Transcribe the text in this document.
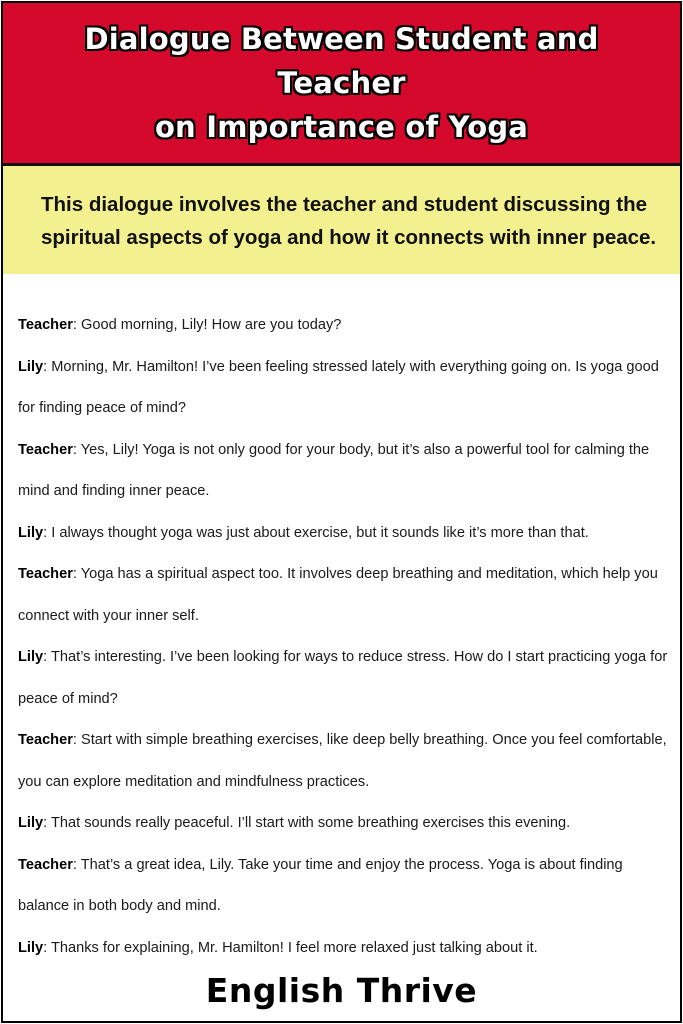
Dialogue Between Student and Teacher
on Importance of Yoga

This dialogue involves the teacher and student discussing the spiritual aspects of yoga and how it connects with inner peace.

Teacher: Good morning, Lily! How are you today?

Lily: Morning, Mr. Hamilton! I’ve been feeling stressed lately with everything going on. Is yoga good for finding peace of mind?

Teacher: Yes, Lily! Yoga is not only good for your body, but it’s also a powerful tool for calming the mind and finding inner peace.

Lily: I always thought yoga was just about exercise, but it sounds like it’s more than that.

Teacher: Yoga has a spiritual aspect too. It involves deep breathing and meditation, which help you connect with your inner self.

Lily: That’s interesting. I’ve been looking for ways to reduce stress. How do I start practicing yoga for peace of mind?

Teacher: Start with simple breathing exercises, like deep belly breathing. Once you feel comfortable, you can explore meditation and mindfulness practices.

Lily: That sounds really peaceful. I’ll start with some breathing exercises this evening.

Teacher: That’s a great idea, Lily. Take your time and enjoy the process. Yoga is about finding balance in both body and mind.

Lily: Thanks for explaining, Mr. Hamilton! I feel more relaxed just talking about it.

English Thrive
